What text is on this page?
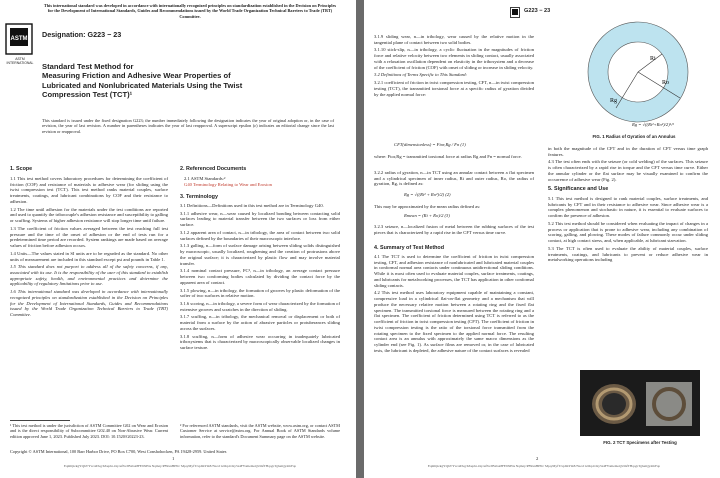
This international standard was developed in accordance with internationally recognized principles on standardization established in the Decision on Principles for the Development of International Standards, Guides and Recommendations issued by the World Trade Organization Technical Barriers to Trade (TBT) Committee.
ASTM
ASTM INTERNATIONAL
Designation: G223 − 23
Standard Test Method for
Measuring Friction and Adhesive Wear Properties of
Lubricated and Nonlubricated Materials Using the Twist
Compression Test (TCT)¹
This standard is issued under the fixed designation G223; the number immediately following the designation indicates the year of original adoption or, in the case of revision, the year of last revision. A number in parentheses indicates the year of last reapproval. A superscript epsilon (ε) indicates an editorial change since the last revision or reapproval.
1. Scope

1.1 This test method covers laboratory procedures for determining the coefficient of friction (COF) and resistance of materials to adhesive wear (for sliding using the twist compression test (TCT). This test method ranks material couples, surface treatments, coatings, and lubricant combinations by COF and their resistance to adhesion.

1.2 The time until adhesion for the materials under the test conditions are reported and used to quantify the tribocouple's adhesion resistance and susceptibility to galling or scuffing. Systems of higher adhesion resistance will stop longer time until failure.

1.3 The coefficient of friction values averaged between the test reaching full test pressure and the time of the onset of adhesion or the end of tests run for a predetermined time period are recorded. System rankings are made based on average values of friction before adhesion occurs.

1.4 Units—The values stated in SI units are to be regarded as the standard. No other units of measurement are included in this standard except psi and pounds in Table 1.

1.5 This standard does not purport to address all of the safety concerns, if any, associated with its use. It is the responsibility of the user of this standard to establish appropriate safety, health, and environmental practices and determine the applicability of regulatory limitations prior to use.

1.6 This international standard was developed in accordance with internationally recognized principles on standardization established in the Decision on Principles for the Development of International Standards, Guides and Recommendations issued by the World Trade Organization Technical Barriers to Trade (TBT) Committee.

2. Referenced Documents
2.1 ASTM Standards:²
G40 Terminology Relating to Wear and Erosion
3. Terminology

3.1 Definitions—Definitions used in this test method are in Terminology G40.

3.1.1 adhesive wear, n—wear caused by localized bonding between contacting solid surfaces leading to material transfer between the two surfaces or loss from either surface.

3.1.2 apparent area of contact, n—in tribology, the area of contact between two solid surfaces defined by the boundaries of their macroscopic interface.

3.1.3 galling, n—form of surface damage arising between sliding solids distinguished by macroscopic, usually localized, roughening and the creation of protrusions above the original surface; it is characterized by plastic flow and may involve material transfer.

3.1.4 nominal contact pressure, FC², n—in tribology, an average contact pressure between two conforming bodies calculated by dividing the contact force by the apparent area of contact.

3.1.5 plowing, n—in tribology, the formation of grooves by plastic deformation of the softer of two surfaces in relative motion.

3.1.6 scoring, n—in tribology, a severe form of wear characterized by the formation of extensive grooves and scratches in the direction of sliding.

3.1.7 scuffing, n—in tribology, the mechanical removal or displacement or both of material from a surface by the action of abrasive particles or protuberances sliding across the surfaces.

3.1.8 scuffing, n—form of adhesive wear occurring in inadequately lubricated tribosystems that is characterized by macroscopically observable localized changes in surface texture.

¹ This test method is under the jurisdiction of ASTM Committee G02 on Wear and Erosion and is the direct responsibility of Subcommittee G02.40 on Non-Abrasive Wear. Current edition approved June 1, 2023. Published July 2023. DOI: 10.1520/G0223-23.
² For referenced ASTM standards, visit the ASTM website, www.astm.org, or contact ASTM Customer Service at service@astm.org. For Annual Book of ASTM Standards volume information, refer to the standard's Document Summary page on the ASTM website.
Copyright © ASTM International, 100 Barr Harbor Drive, PO Box C700, West Conshohocken, PA 19428-2959. United States
1
Eqmlijk/kgYQhVYw/aP/kg/hXephr-Oq1uf5x/JBxbA8FE9XHA Nqmzy/PFRsnHP8c/ Mpq/MyfT/xpImYmE/Na/oJ1ztKp1Ozy5z4FYsmemoQUmfTHqq/pTgheiQy4mYsp
G223 − 23

3.1.9 sliding wear, n—in tribology, wear caused by the relative motion in the tangential plane of contact between two solid bodies.

3.1.10 stick-slip, n—in tribology, a cyclic fluctuation in the magnitudes of friction force and relative velocity between two elements in sliding contact, usually associated with a relaxation oscillation dependent on elasticity in the tribosystem and a decrease of the coefficient of friction (COF) with onset of sliding or increase in sliding velocity.

3.2 Definitions of Terms Specific to This Standard:

3.2.1 coefficient of friction in twist compression testing, CFT, n—in twist compression testing (TCT), the transmitted torsional force at a specific radius of gyration divided by the applied normal force:

CFT(dimensionless) = Ftor,Rg / Fn (1)
where: Ftor,Rg = transmitted torsional force at radius Rg and Fn = normal force.
3.2.2 radius of gyration, n—in TCT using an annular contact between a flat specimen and a cylindrical specimen of inner radius, Ri and outer radius, Ro, the radius of gyration, Rg, is defined as:
Rg = √((Ri² + Ro²)/2) (2)
This may be approximated by the mean radius defined as:
Rmean = (Ri + Ro)/2 (3)
3.2.3 seizure, n—localized fusion of metal between the rubbing surfaces of the test pieces that is characterized by a rapid rise in the CFT versus time curve.
4. Summary of Test Method

4.1 The TCT is used to determine the coefficient of friction in twist compression testing, CFT, and adhesion resistance of nonlubricated and lubricated material couples in conformal normal area contacts under continuous unidirectional sliding conditions. While it is most often used to evaluate material couples, surface treatments, coatings, and lubricants for metalworking processes, the TCT has application in other conformal sliding contacts.

4.2 This test method uses laboratory equipment capable of maintaining a constant, compressive load in a cylindrical flat-on-flat geometry and a mechanism that will produce the necessary relative motion between a rotating ring and the fixed flat specimen. The transmitted torsional force is measured between the rotating ring and a flat specimen. The coefficient of friction determined using TCT is referred to as the coefficient of friction in twist compression testing (CFT). The coefficient of friction in twist compression testing is the ratio of the torsional force transmitted from the rotating specimen to the fixed specimen to the applied normal force. The resulting contact area is an annulus with approximately the same macro dimensions as the cylinder end (see Fig. 1). As surface films are removed or, in the case of lubricated tests, the lubricant is depleted, the adhesive nature of the contact surfaces is revealed

Ri
Ro
Rg
Rg = √((Ri²+Ro²)/2)¹/²
FIG. 1 Radius of Gyration of an Annulus

in both the magnitude of the CFT and in the duration of CFT versus time graph features.

4.3 The test often ends with the seizure (or cold welding) of the surfaces. This seizure is often characterized by a rapid rise in torque and the CFT versus time curve. Either the annular cylinder or the flat surface may be visually examined to confirm the occurrence of adhesive wear (Fig. 2).

5. Significance and Use

5.1 This test method is designed to rank material couples, surface treatments, and lubricants by CFT and in their resistance to adhesive wear. Since adhesive wear is a complex phenomenon and stochastic in nature, it is essential to evaluate surfaces to confirm the presence of adhesion.

5.2 This test method should be considered when evaluating the impact of changes in a process or application that is prone to adhesive wear, including any combination of scoring, galling, and plowing. These modes of failure commonly occur under sliding contact, at high contact stress, and, when applicable, at lubricant starvation.

5.3 The TCT is often used to evaluate the ability of material couples, surface treatments, coatings, and lubricants to prevent or reduce adhesive wear in metalworking operations including

FIG. 2 TCT Specimens after Testing
2
Eqmlijk/kgYQhVYw/aP/kg/hXephr-Oq1uf5x/JBxbA8FE9XHA Nqmzy/PFRsnHP8c/ Mpq/MyfT/xpImYmE/Na/oJ1ztKp1Ozy5z4FYsmemoQUmfTHqq/pTgheiQy4mYsp
